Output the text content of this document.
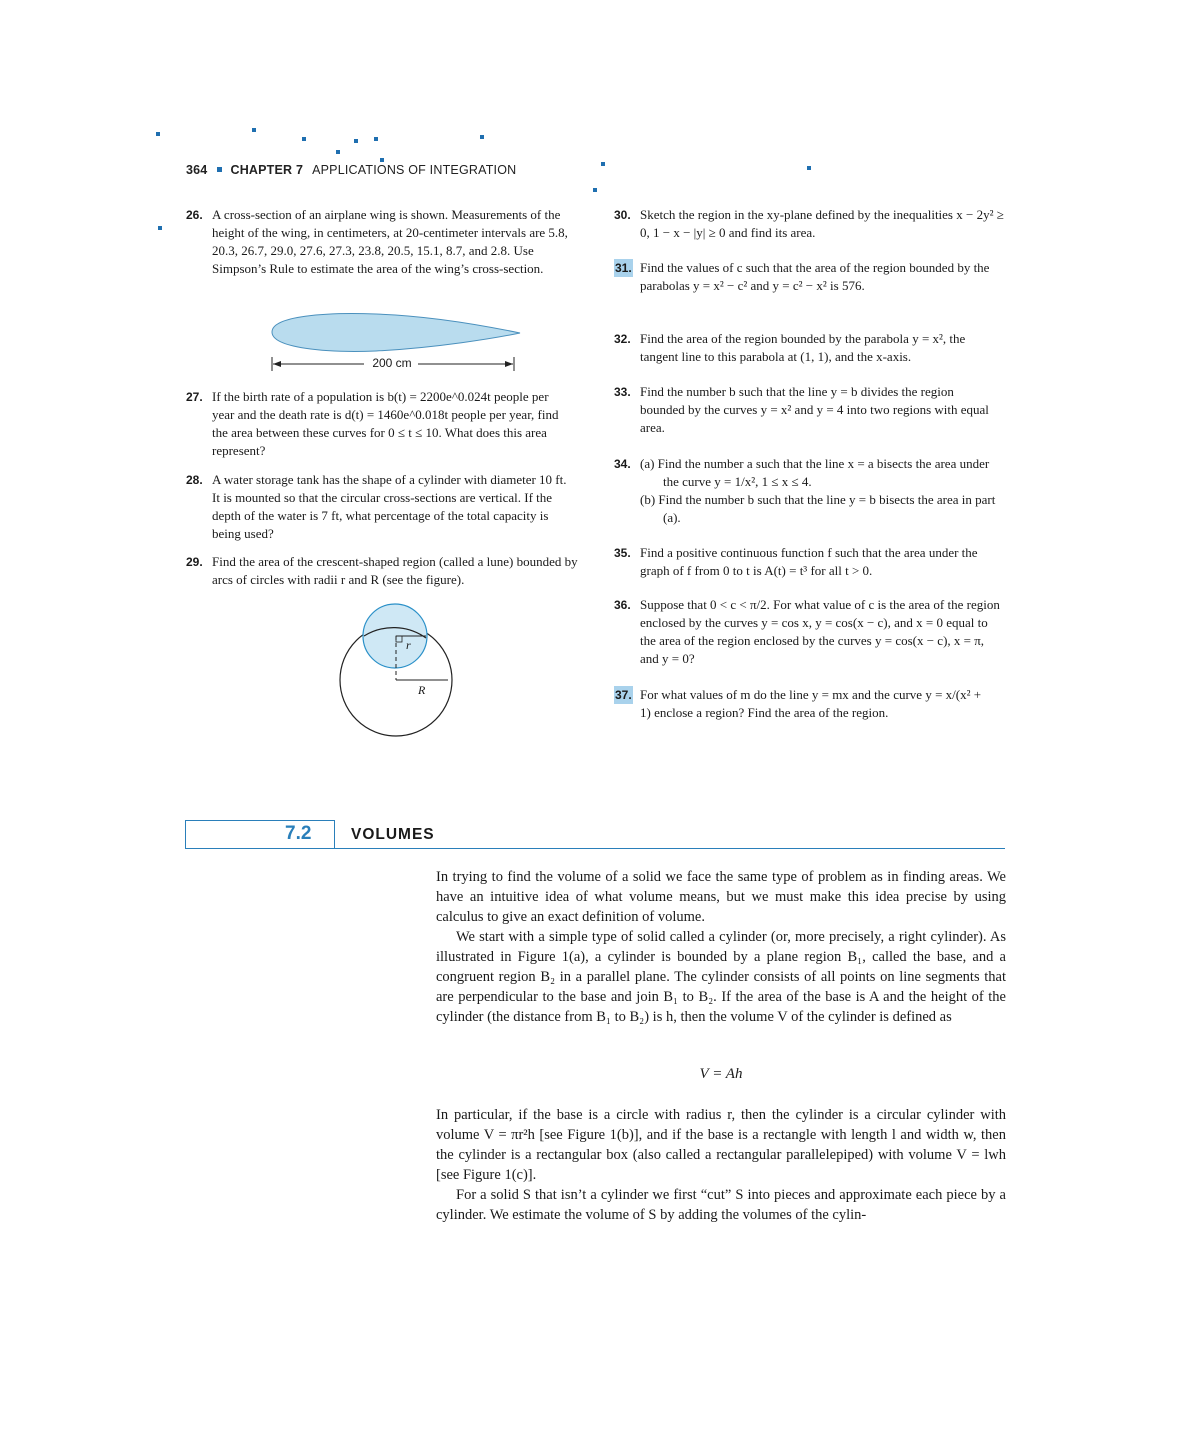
364 CHAPTER 7 APPLICATIONS OF INTEGRATION
26. A cross-section of an airplane wing is shown. Measurements of the height of the wing, in centimeters, at 20-centimeter intervals are 5.8, 20.3, 26.7, 29.0, 27.6, 27.3, 23.8, 20.5, 15.1, 8.7, and 2.8. Use Simpson’s Rule to estimate the area of the wing’s cross-section.

200 cm
27. If the birth rate of a population is b(t) = 2200e^0.024t people per year and the death rate is d(t) = 1460e^0.018t people per year, find the area between these curves for 0 ≤ t ≤ 10. What does this area represent?

28. A water storage tank has the shape of a cylinder with diameter 10 ft. It is mounted so that the circular cross-sections are vertical. If the depth of the water is 7 ft, what percentage of the total capacity is being used?

29. Find the area of the crescent-shaped region (called a lune) bounded by arcs of circles with radii r and R (see the figure).

r
R
30. Sketch the region in the xy-plane defined by the inequalities x − 2y² ≥ 0, 1 − x − |y| ≥ 0 and find its area.

31. Find the values of c such that the area of the region bounded by the parabolas y = x² − c² and y = c² − x² is 576.

32. Find the area of the region bounded by the parabola y = x², the tangent line to this parabola at (1, 1), and the x-axis.

33. Find the number b such that the line y = b divides the region bounded by the curves y = x² and y = 4 into two regions with equal area.

34. (a) Find the number a such that the line x = a bisects the area under the curve y = 1/x², 1 ≤ x ≤ 4.

(b) Find the number b such that the line y = b bisects the area in part (a).

35. Find a positive continuous function f such that the area under the graph of f from 0 to t is A(t) = t³ for all t > 0.

36. Suppose that 0 < c < π/2. For what value of c is the area of the region enclosed by the curves y = cos x, y = cos(x − c), and x = 0 equal to the area of the region enclosed by the curves y = cos(x − c), x = π, and y = 0?

37. For what values of m do the line y = mx and the curve y = x/(x² + 1) enclose a region? Find the area of the region.

7.2	VOLUMES

In trying to find the volume of a solid we face the same type of problem as in finding areas. We have an intuitive idea of what volume means, but we must make this idea precise by using calculus to give an exact definition of volume.

We start with a simple type of solid called a cylinder (or, more precisely, a right cylinder). As illustrated in Figure 1(a), a cylinder is bounded by a plane region B₁, called the base, and a congruent region B₂ in a parallel plane. The cylinder consists of all points on line segments that are perpendicular to the base and join B₁ to B₂. If the area of the base is A and the height of the cylinder (the distance from B₁ to B₂) is h, then the volume V of the cylinder is defined as

V = Ah

In particular, if the base is a circle with radius r, then the cylinder is a circular cylinder with volume V = πr²h [see Figure 1(b)], and if the base is a rectangle with length l and width w, then the cylinder is a rectangular box (also called a rectangular parallelepiped) with volume V = lwh [see Figure 1(c)].

For a solid S that isn’t a cylinder we first “cut” S into pieces and approximate each piece by a cylinder. We estimate the volume of S by adding the volumes of the cylin-
